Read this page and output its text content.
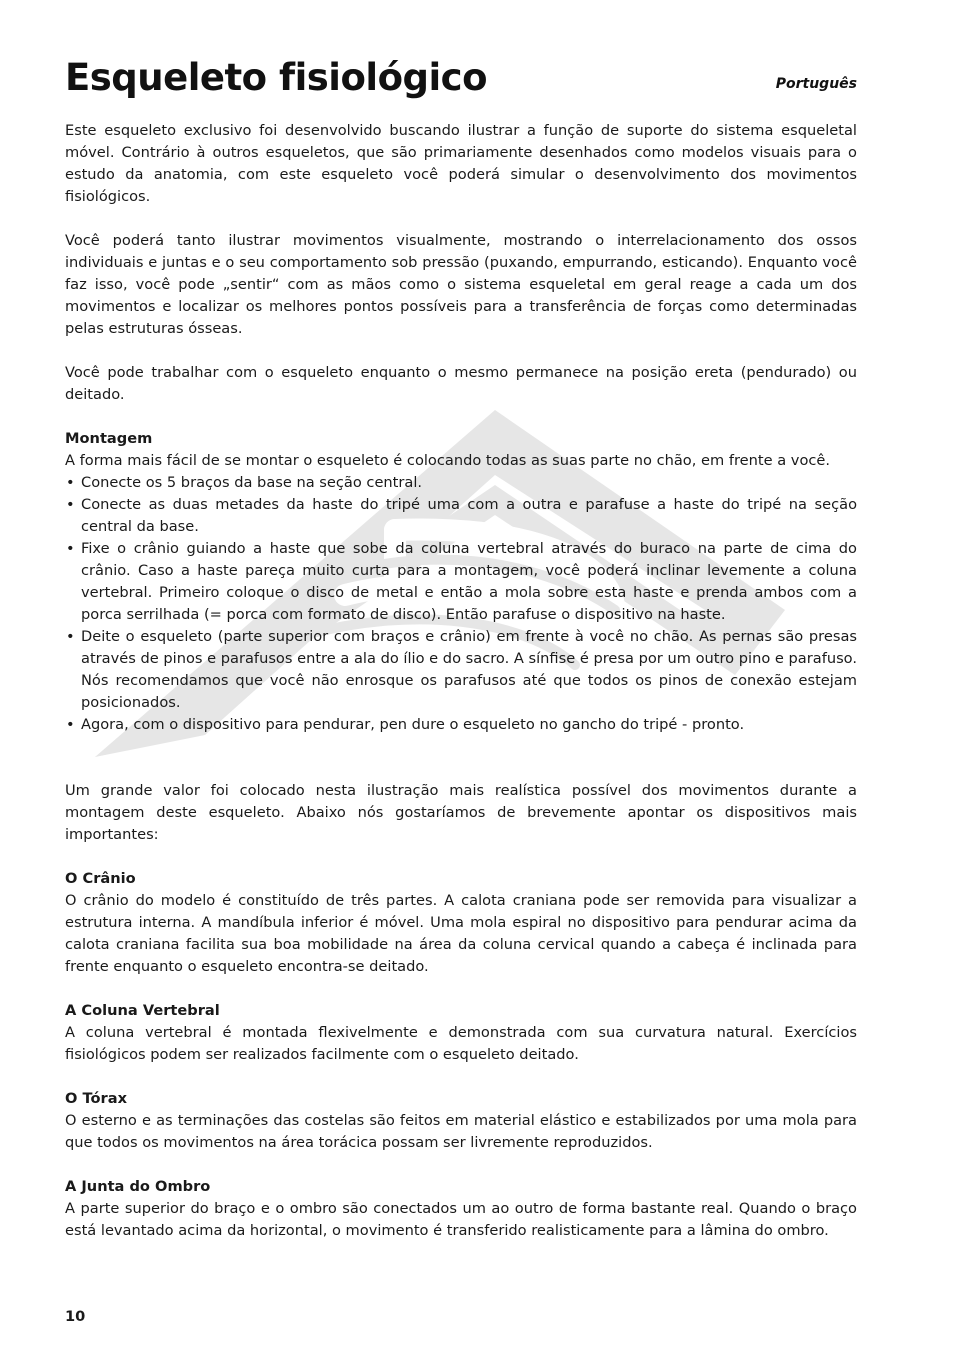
Esqueleto fisiológico	Português

Este esqueleto exclusivo foi desenvolvido buscando ilustrar a função de suporte do sistema esqueletal móvel. Contrário à outros esqueletos, que são primariamente desenhados como modelos visuais para o estudo da anatomia, com este esqueleto você poderá simular o desenvolvimento dos movimentos fisiológicos.

Você poderá tanto ilustrar movimentos visualmente, mostrando o interrelacionamento dos ossos individuais e juntas e o seu comportamento sob pressão (puxando, empurrando, esticando). Enquanto você faz isso, você pode „sentir“ com as mãos como o sistema esqueletal em geral reage a cada um dos movimentos e localizar os melhores pontos possíveis para a transferência de forças como determinadas pelas estruturas ósseas.

Você pode trabalhar com o esqueleto enquanto o mesmo permanece na posição ereta (pendurado) ou deitado.

Montagem

A forma mais fácil de se montar o esqueleto é colocando todas as suas parte no chão, em frente a você.

• Conecte os 5 braços da base na seção central.
• Conecte as duas metades da haste do tripé uma com a outra e parafuse a haste do tripé na seção central da base.
• Fixe o crânio guiando a haste que sobe da coluna vertebral através do buraco na parte de cima do crânio. Caso a haste pareça muito curta para a montagem, você poderá inclinar levemente a coluna vertebral. Primeiro coloque o disco de metal e então a mola sobre esta haste e prenda ambos com a porca serrilhada (= porca com formato de disco). Então parafuse o dispositivo na haste.
• Deite o esqueleto (parte superior com braços e crânio) em frente à você no chão. As pernas são presas através de pinos e parafusos entre a ala do ílio e do sacro. A sínfise é presa por um outro pino e parafuso. Nós recomendamos que você não enrosque os parafusos até que todos os pinos de conexão estejam posicionados.
• Agora, com o dispositivo para pendurar, pen dure o esqueleto no gancho do tripé - pronto.

Um grande valor foi colocado nesta ilustração mais realística possível dos movimentos durante a montagem deste esqueleto. Abaixo nós gostaríamos de brevemente apontar os dispositivos mais importantes:

O Crânio

O crânio do modelo é constituído de três partes. A calota craniana pode ser removida para visualizar a estrutura interna. A mandíbula inferior é móvel. Uma mola espiral no dispositivo para pendurar acima da calota craniana facilita sua boa mobilidade na área da coluna cervical quando a cabeça é inclinada para frente enquanto o esqueleto encontra-se deitado.

A Coluna Vertebral

A coluna vertebral é montada flexivelmente e demonstrada com sua curvatura natural. Exercícios fisiológicos podem ser realizados facilmente com o esqueleto deitado.

O Tórax

O esterno e as terminações das costelas são feitos em material elástico e estabilizados por uma mola para que todos os movimentos na área torácica possam ser livremente reproduzidos.

A Junta do Ombro

A parte superior do braço e o ombro são conectados um ao outro de forma bastante real. Quando o braço está levantado acima da horizontal, o movimento é transferido realisticamente para a lâmina do ombro.

10
